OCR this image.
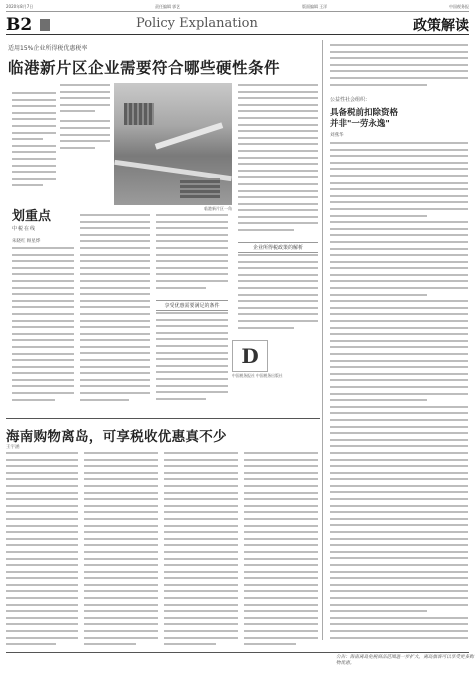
2020年8月7日	责任编辑 郭艺	版面编辑 王洋	中国税务报
B2	Policy Explanation	政策解读
适用15%企业所得税优惠税率
临港新片区企业需要符合哪些硬性条件
临港新片区一角
划重点
中税在线
朱晓红 顾星烨
享受优惠需要满足的条件
企业所得税政策的解析
D
中国税务报社 中国税务出版社
公益性社会组织：
具备税前扣除资格
并非"一劳永逸"
刘燕华
海南购物离岛，可享税收优惠真不少
王宇涵
公告：海南离岛免税商品范围进一步扩大，离岛旅客可以享受更多购物优惠。
